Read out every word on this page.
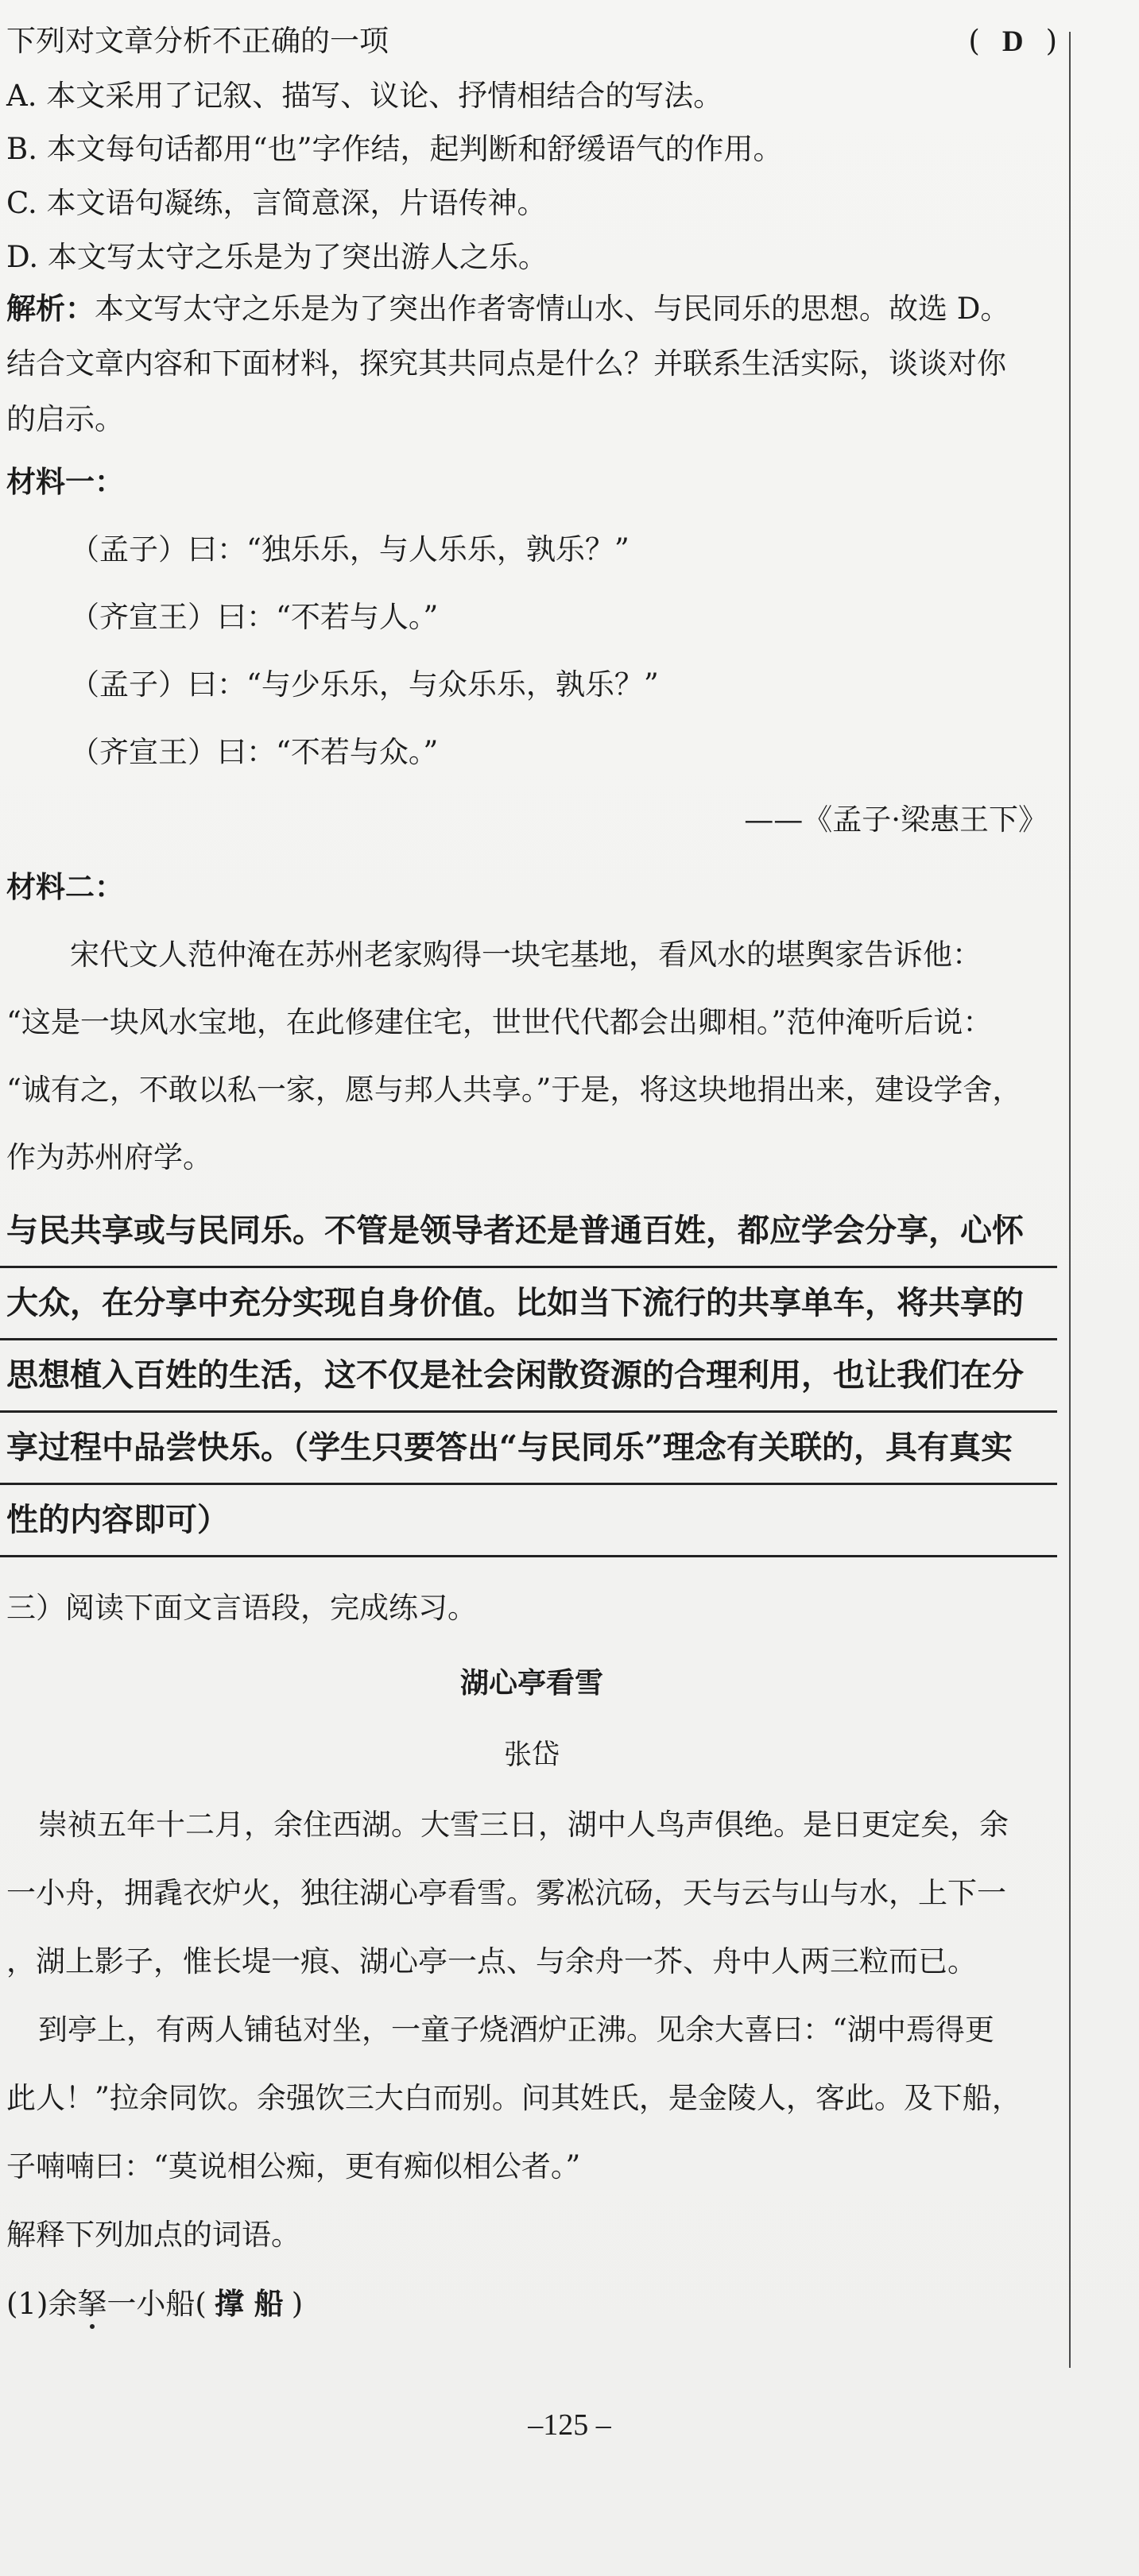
下列对文章分析不正确的一项	( D )

A. 本文采用了记叙、描写、议论、抒情相结合的写法。

B. 本文每句话都用“也”字作结，起判断和舒缓语气的作用。

C. 本文语句凝练，言简意深，片语传神。

D. 本文写太守之乐是为了突出游人之乐。

解析：本文写太守之乐是为了突出作者寄情山水、与民同乐的思想。故选 D。

结合文章内容和下面材料，探究其共同点是什么？并联系生活实际，谈谈对你

的启示。

材料一：

（孟子）曰：“独乐乐，与人乐乐，孰乐？”

（齐宣王）曰：“不若与人。”

（孟子）曰：“与少乐乐，与众乐乐，孰乐？”

（齐宣王）曰：“不若与众。”

——《孟子·梁惠王下》

材料二：

宋代文人范仲淹在苏州老家购得一块宅基地，看风水的堪舆家告诉他：

“这是一块风水宝地，在此修建住宅，世世代代都会出卿相。”范仲淹听后说：

“诚有之，不敢以私一家，愿与邦人共享。”于是，将这块地捐出来，建设学舍，

作为苏州府学。

与民共享或与民同乐。不管是领导者还是普通百姓，都应学会分享，心怀

大众，在分享中充分实现自身价值。比如当下流行的共享单车，将共享的

思想植入百姓的生活，这不仅是社会闲散资源的合理利用，也让我们在分

享过程中品尝快乐。（学生只要答出“与民同乐”理念有关联的，具有真实

性的内容即可）

三）阅读下面文言语段，完成练习。

湖心亭看雪

张岱

崇祯五年十二月，余住西湖。大雪三日，湖中人鸟声俱绝。是日更定矣，余

一小舟，拥毳衣炉火，独往湖心亭看雪。雾凇沆砀，天与云与山与水，上下一

，湖上影子，惟长堤一痕、湖心亭一点、与余舟一芥、舟中人两三粒而已。

到亭上，有两人铺毡对坐，一童子烧酒炉正沸。见余大喜曰：“湖中焉得更

此人！”拉余同饮。余强饮三大白而别。问其姓氏，是金陵人，客此。及下船，

子喃喃曰：“莫说相公痴，更有痴似相公者。”

解释下列加点的词语。

(1)余拏一小船( 撑 船 )

–125 –
